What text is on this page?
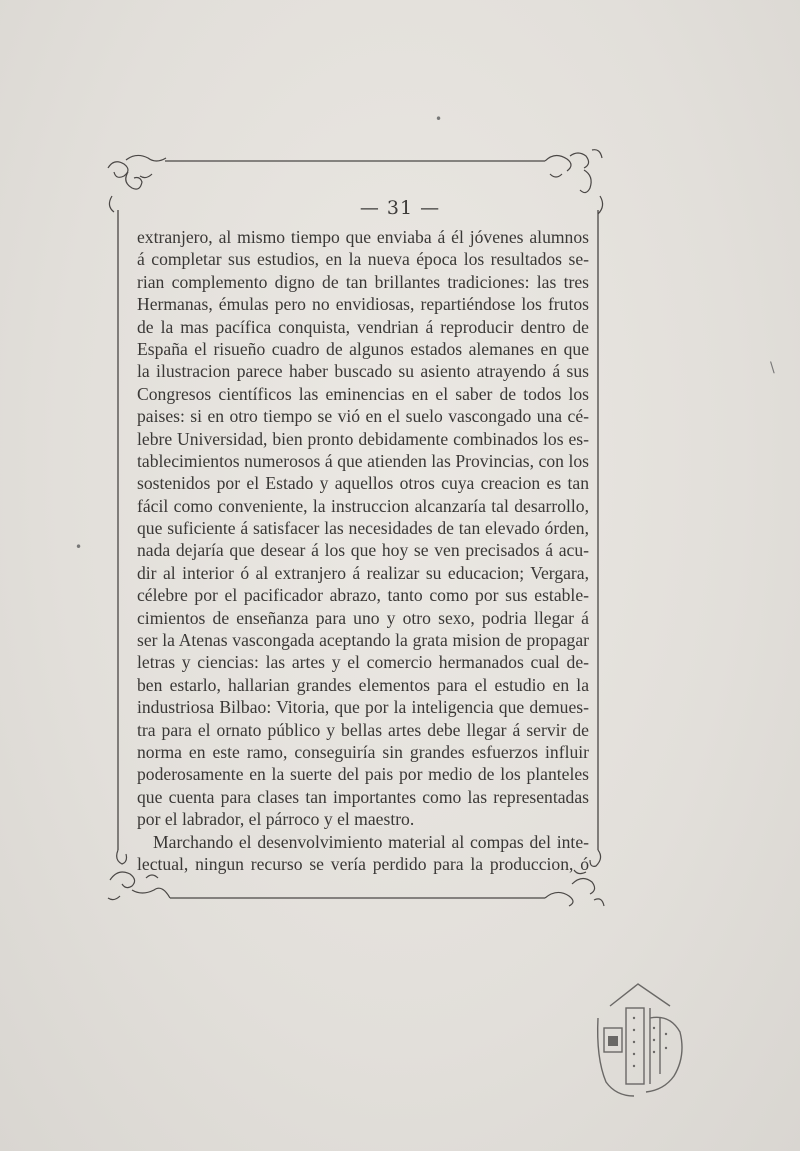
— 31 —
extranjero, al mismo tiempo que enviaba á él jóvenes alumnos
á completar sus estudios, en la nueva época los resultados se-
rian complemento digno de tan brillantes tradiciones: las tres
Hermanas, émulas pero no envidiosas, repartiéndose los frutos
de la mas pacífica conquista, vendrian á reproducir dentro de
España el risueño cuadro de algunos estados alemanes en que
la ilustracion parece haber buscado su asiento atrayendo á sus
Congresos científicos las eminencias en el saber de todos los
paises: si en otro tiempo se vió en el suelo vascongado una cé-
lebre Universidad, bien pronto debidamente combinados los es-
tablecimientos numerosos á que atienden las Provincias, con los
sostenidos por el Estado y aquellos otros cuya creacion es tan
fácil como conveniente, la instruccion alcanzaría tal desarrollo,
que suficiente á satisfacer las necesidades de tan elevado órden,
nada dejaría que desear á los que hoy se ven precisados á acu-
dir al interior ó al extranjero á realizar su educacion; Vergara,
célebre por el pacificador abrazo, tanto como por sus estable-
cimientos de enseñanza para uno y otro sexo, podria llegar á
ser la Atenas vascongada aceptando la grata mision de propagar
letras y ciencias: las artes y el comercio hermanados cual de-
ben estarlo, hallarian grandes elementos para el estudio en la
industriosa Bilbao: Vitoria, que por la inteligencia que demues-
tra para el ornato público y bellas artes debe llegar á servir de
norma en este ramo, conseguiría sin grandes esfuerzos influir
poderosamente en la suerte del pais por medio de los planteles
que cuenta para clases tan importantes como las representadas
por el labrador, el párroco y el maestro.
Marchando el desenvolvimiento material al compas del inte-
lectual, ningun recurso se vería perdido para la produccion, ó
•
\
•
